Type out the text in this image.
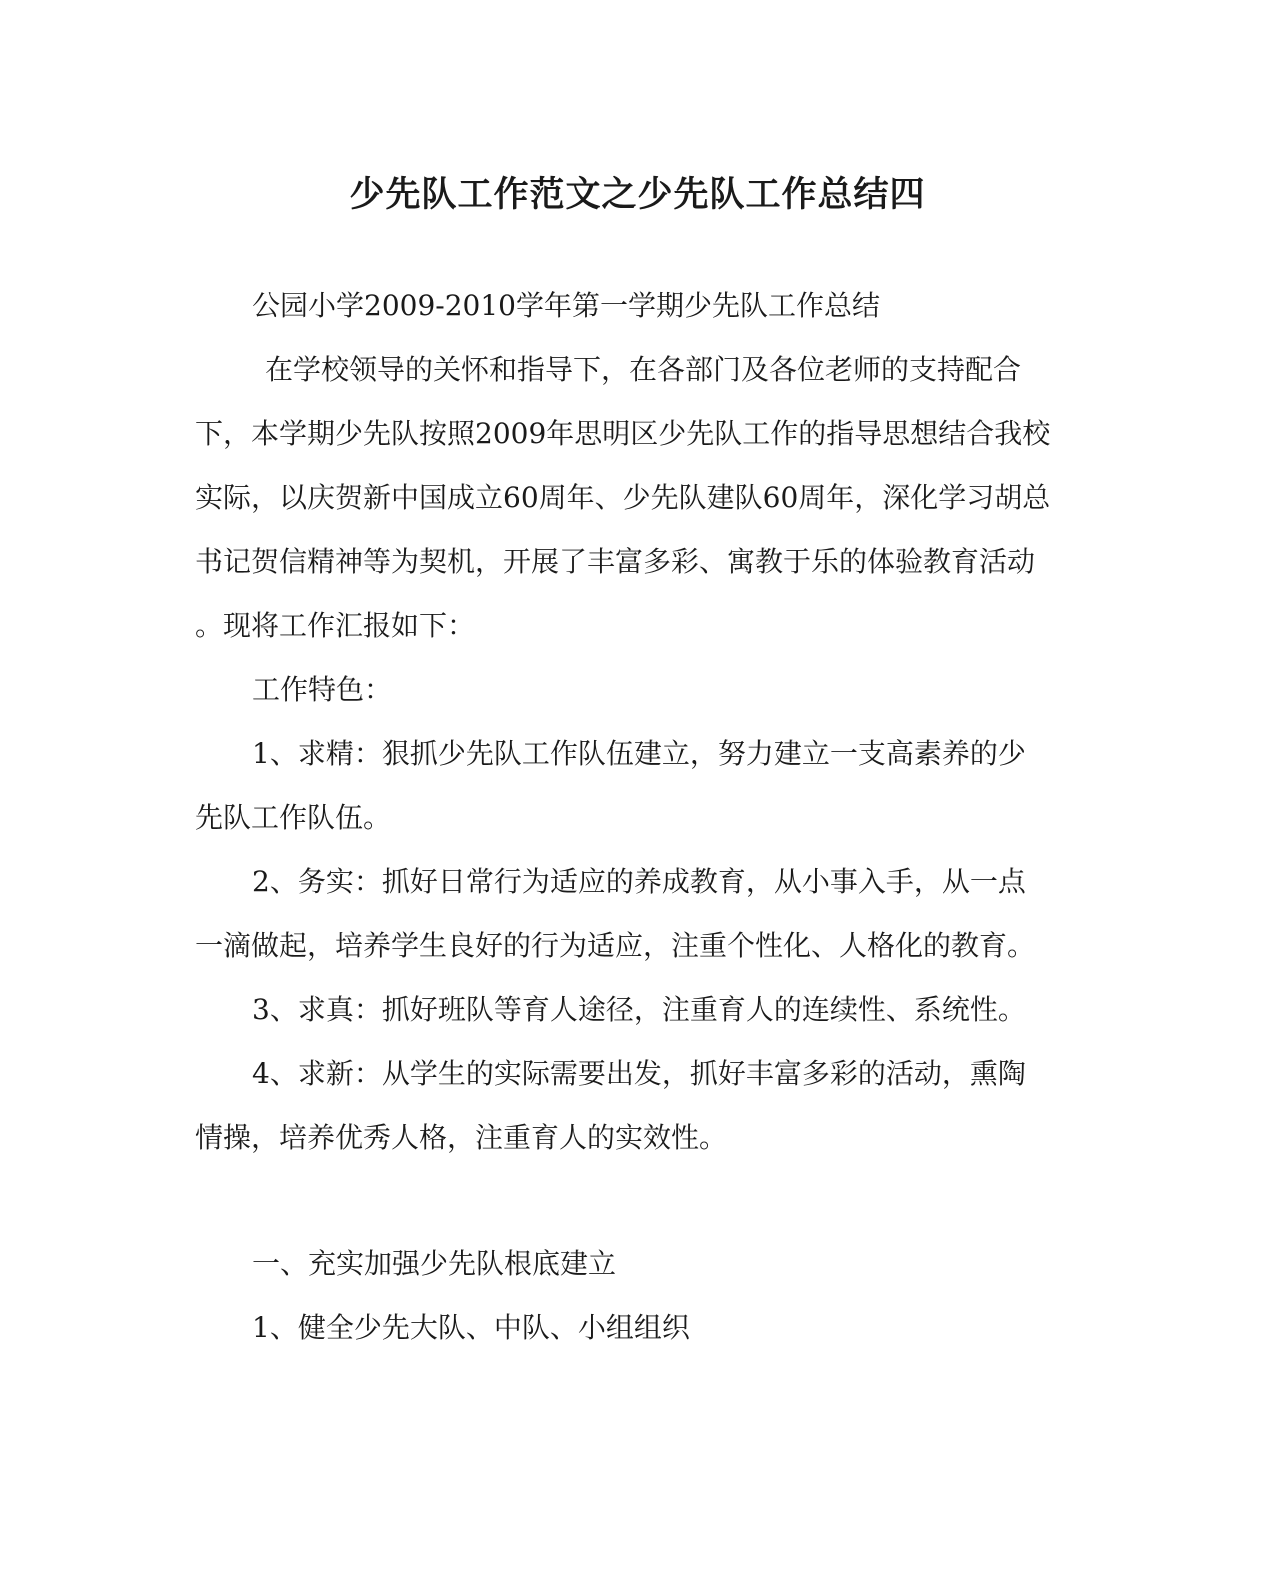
少先队工作范文之少先队工作总结四
公园小学2009-2010学年第一学期少先队工作总结
在学校领导的关怀和指导下，在各部门及各位老师的支持配合
下，本学期少先队按照2009年思明区少先队工作的指导思想结合我校
实际，以庆贺新中国成立60周年、少先队建队60周年，深化学习胡总
书记贺信精神等为契机，开展了丰富多彩、寓教于乐的体验教育活动
。现将工作汇报如下：
工作特色：
1、求精：狠抓少先队工作队伍建立，努力建立一支高素养的少
先队工作队伍。
2、务实：抓好日常行为适应的养成教育，从小事入手，从一点
一滴做起，培养学生良好的行为适应，注重个性化、人格化的教育。
3、求真：抓好班队等育人途径，注重育人的连续性、系统性。
4、求新：从学生的实际需要出发，抓好丰富多彩的活动，熏陶
情操，培养优秀人格，注重育人的实效性。
一、充实加强少先队根底建立
1、健全少先大队、中队、小组组织
